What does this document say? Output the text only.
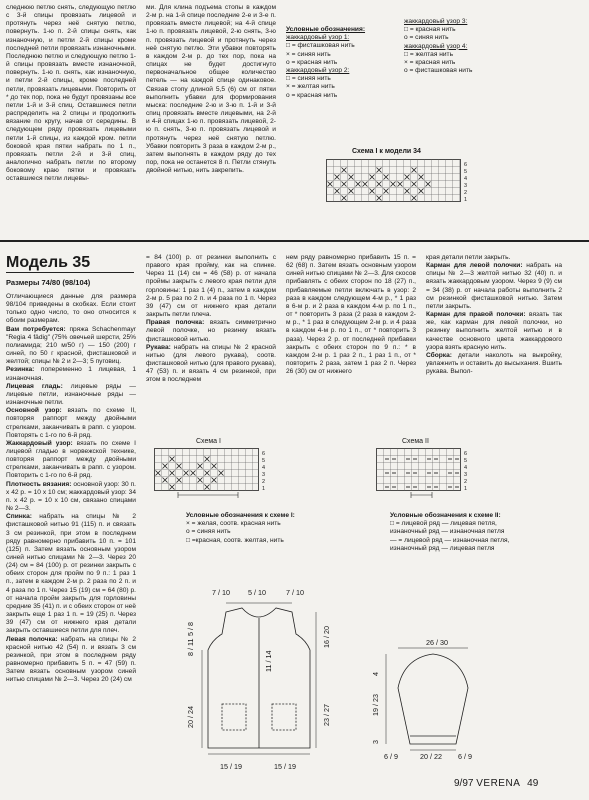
следнюю петлю снять, следующую петлю с 3-й спицы провязать лицевой и протянуть через неё снятую петлю, повернуть. 1-ю п. 2-й спицы снять, как изнаночную, и петли 2-й спицы кроме последней петли провязать изнаночными. Последнюю петлю и следующую петлю 1-й спицы провязать вместе изнаночной, повернуть. 1-ю п. снять, как изнаночную, и петли 2-й спицы, кроме последней петли, провязать лицевыми. Повторить от * до тех пор, пока не будут провязаны все петли 1-й и 3-й спиц. Оставшиеся петли распределить на 2 спицы и продолжить вязание по кругу, начав от середины. В следующем ряду провязать лицевыми петли 1-й спицы, из каждой кром. петли боковой края пятки набрать по 1 п., провязать петли 2-й и 3-й спиц, аналогично набрать петли по второму боковому краю пятки и провязать оставшиеся петли лицевы-
ми. Для клина подъема стопы в каждом 2-м р. на 1-й спице последние 2-е и 3-е п. провязать вместе лицевой; на 4-й спице 1-ю п. провязать лицевой, 2-ю снять, 3-ю п. провязать лицевой и протянуть через неё снятую петлю. Эти убавки повторять в каждом 2-м р. до тех пор, пока на спицах не будет достигнуто первоначальное общее количество петель — на каждой спице одинаковое. Связав стопу длиной 5,5 (6) см от пятки выполнить убавки для формирования мыска: последние 2-ю и 3-ю п. 1-й и 3-й спиц провязать вместе лицевыми, на 2-й и 4-й спицах 1-ю п. провязать лицевой, 2-ю п. снять, 3-ю п. провязать лицевой и протянуть через неё снятую петлю. Убавки повторить 3 раза в каждом 2-м р., затем выполнять в каждом ряду до тех пор, пока не останется 8 п. Петли стянуть двойной нитью, нить закрепить.
Условные обозначения:
жаккардовый узор 1:
□ = фисташковая нить
× = синяя нить
o = красная нить
жаккардовый узор 2:
□ = синяя нить
× = желтая нить
o = красная нить
жаккардовый узор 3:
□ = красная нить
o = синяя нить
жаккардовый узор 4:
□ = желтая нить
× = красная нить
o = фисташковая нить
Схема I к модели 34
6
5
4
3
2
1
Модель 35
Размеры 74/80 (98/104)

Отличающиеся данные для размера 98/104 приведены в скобках. Если стоит только одно число, то оно относится к обоим размерам.

Вам потребуется: пряжа Schachenmayr "Regia 4 fädig" (75% овечьей шерсти, 25% полиамида; 210 м/50 г) — 150 (200) г синей, по 50 г красной, фисташковой и желтой; спицы № 2 и 2—3; 5 пуговиц.

Резинка: попеременно 1 лицевая, 1 изнаночная.

Лицевая гладь: лицевые ряды — лицевые петли, изнаночные ряды — изнаночные петли.

Основной узор: вязать по схеме II, повторяя раппорт между двойными стрелками, заканчивать в рапп. с узором. Повторять с 1-го по 6-й ряд.

Жаккардовый узор: вязать по схеме I лицевой гладью в норвежской технике, повторяя раппорт между двойными стрелками, заканчивать в рапп. с узором. Повторить с 1-го по 6-й ряд.

Плотность вязания: основной узор: 30 п. x 42 р. = 10 x 10 см; жаккардовый узор: 34 п. x 42 р. = 10 x 10 см, связано спицами № 2—3.

Спинка: набрать на спицы № 2 фисташковой нитью 91 (115) п. и связать 3 см резинкой, при этом в последнем ряду равномерно прибавить 10 п. = 101 (125) п. Затем вязать основным узором синей нитью спицами № 2—3. Через 20 (24) см = 84 (100) р. от резинки закрыть с обеих сторон для пройм по 9 п.: 1 раз 1 п., затем в каждом 2-м р. 2 раза по 2 п. и 4 раза по 1 п. Через 15 (19) см = 64 (80) р. от начала пройм закрыть для горловины средние 35 (41) п. и с обеих сторон от неё закрыть еще 1 раз 1 п. = 19 (25) п. Через 39 (47) см от нижнего края детали закрыть оставшиеся петли для плеч.

Левая полочка: набрать на спицы № 2 красной нитью 42 (54) п. и вязать 3 см резинкой, при этом в последнем ряду равномерно прибавить 5 п. = 47 (59) п. Затем вязать основным узором синей нитью спицами № 2—3. Через 20 (24) см

= 84 (100) р. от резинки выполнить с правого края пройму, как на спинке. Через 11 (14) см = 46 (58) р. от начала проймы закрыть с левого края петли для горловины: 1 раз 1 (4) п., затем в каждом 2-м р. 5 раз по 2 п. и 4 раза по 1 п. Через 39 (47) см от нижнего края детали закрыть петли плеча.

Правая полочка: вязать симметрично левой полочке, но резинку вязать фисташковой нитью.

Рукава: набрать на спицы № 2 красной нитью (для левого рукава), соотв. фисташковой нитью (для правого рукава), 47 (53) п. и вязать 4 см резинкой, при этом в последнем

нем ряду равномерно прибавить 15 п. = 62 (68) п. Затем вязать основным узором синей нитью спицами № 2—3. Для скосов прибавлять с обеих сторон по 18 (27) п., прибавляемые петли включать в узор: 2 раза в каждом следующем 4-м р., * 1 раз в 6-м р. и 2 раза в каждом 4-м р. по 1 п., от * повторить 3 раза (2 раза в каждом 2-м р., * 1 раз в следующем 2-м р. и 4 раза в каждом 4-м р. по 1 п., от * повторить 3 раза). Через 2 р. от последней прибавки закрыть с обеих сторон по 9 п.: * в каждом 2-м р. 1 раз 2 п., 1 раз 1 п., от * повторить 2 раза, затем 1 раз 2 п. Через 26 (30) см от нижнего

края детали петли закрыть.

Карман для левой полочки: набрать на спицы № 2—3 желтой нитью 32 (40) п. и вязать жаккардовым узором. Через 9 (9) см = 34 (38) р. от начала работы выполнить 2 см резинкой фисташковой нитью. Затем петли закрыть.

Карман для правой полочки: вязать так же, как карман для левой полочки, но резинку выполнить желтой нитью и в качестве основного цвета жаккардового узора взять красную нить.

Сборка: детали наколоть на выкройку, увлажнить и оставить до высыхания. Вшить рукава. Выпол-

Схема I
6
5
4
3
2
1
Схема II
6
5
4
3
2
1
Условные обозначения к схеме I:
× = желая, соотв. красная нить
o = синяя нить
□ =красная, соотв. желтая, нить
Условные обозначения к схеме II:
□ = лицевой ряд — лицевая петля, изнаночный ряд — изнаночная петля
— = лицевой ряд — изнаночная петля, изнаночный ряд — лицевая петля
7 / 10	5 / 10	7 / 10
15 / 19	15 / 19
20 / 24
8 / 11
5 / 8
23 / 27
16 / 20
11 / 14
26 / 30
4
19 / 23
3
6 / 9	20 / 22 6 / 9
9/97 VERENA 49
